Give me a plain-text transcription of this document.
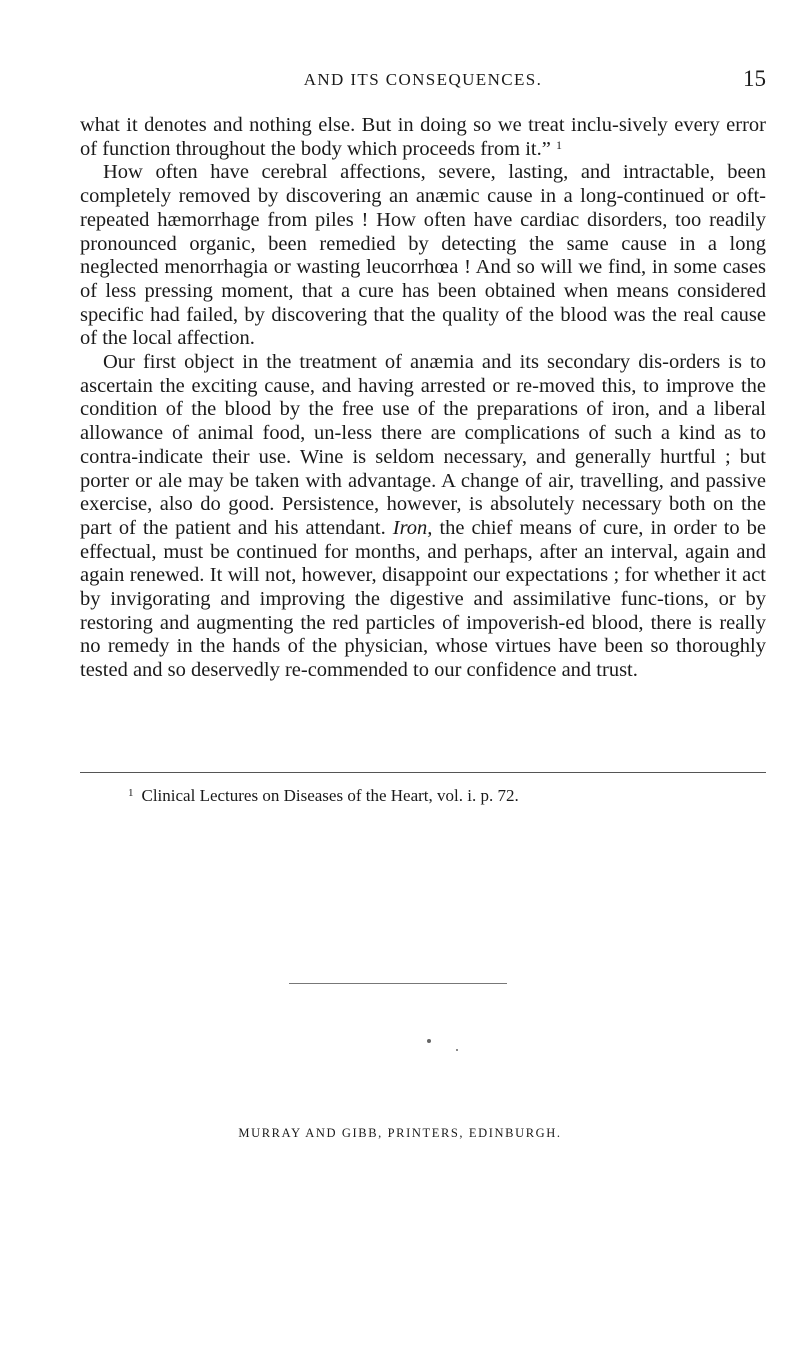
AND ITS CONSEQUENCES.	15

what it denotes and nothing else. But in doing so we treat inclu-sively every error of function throughout the body which proceeds from it.” $^1$

How often have cerebral affections, severe, lasting, and intractable, been completely removed by discovering an anæmic cause in a long-continued or oft-repeated hæmorrhage from piles ! How often have cardiac disorders, too readily pronounced organic, been remedied by detecting the same cause in a long neglected menorrhagia or wasting leucorrhœa ! And so will we find, in some cases of less pressing moment, that a cure has been obtained when means considered specific had failed, by discovering that the quality of the blood was the real cause of the local affection.

Our first object in the treatment of anæmia and its secondary dis-orders is to ascertain the exciting cause, and having arrested or re-moved this, to improve the condition of the blood by the free use of the preparations of iron, and a liberal allowance of animal food, un-less there are complications of such a kind as to contra-indicate their use. Wine is seldom necessary, and generally hurtful ; but porter or ale may be taken with advantage. A change of air, travelling, and passive exercise, also do good. Persistence, however, is absolutely necessary both on the part of the patient and his attendant. Iron, the chief means of cure, in order to be effectual, must be continued for months, and perhaps, after an interval, again and again renewed. It will not, however, disappoint our expectations ; for whether it act by invigorating and improving the digestive and assimilative func-tions, or by restoring and augmenting the red particles of impoverish-ed blood, there is really no remedy in the hands of the physician, whose virtues have been so thoroughly tested and so deservedly re-commended to our confidence and trust.

$^1$ Clinical Lectures on Diseases of the Heart, vol. i. p. 72.
MURRAY AND GIBB, PRINTERS, EDINBURGH.
